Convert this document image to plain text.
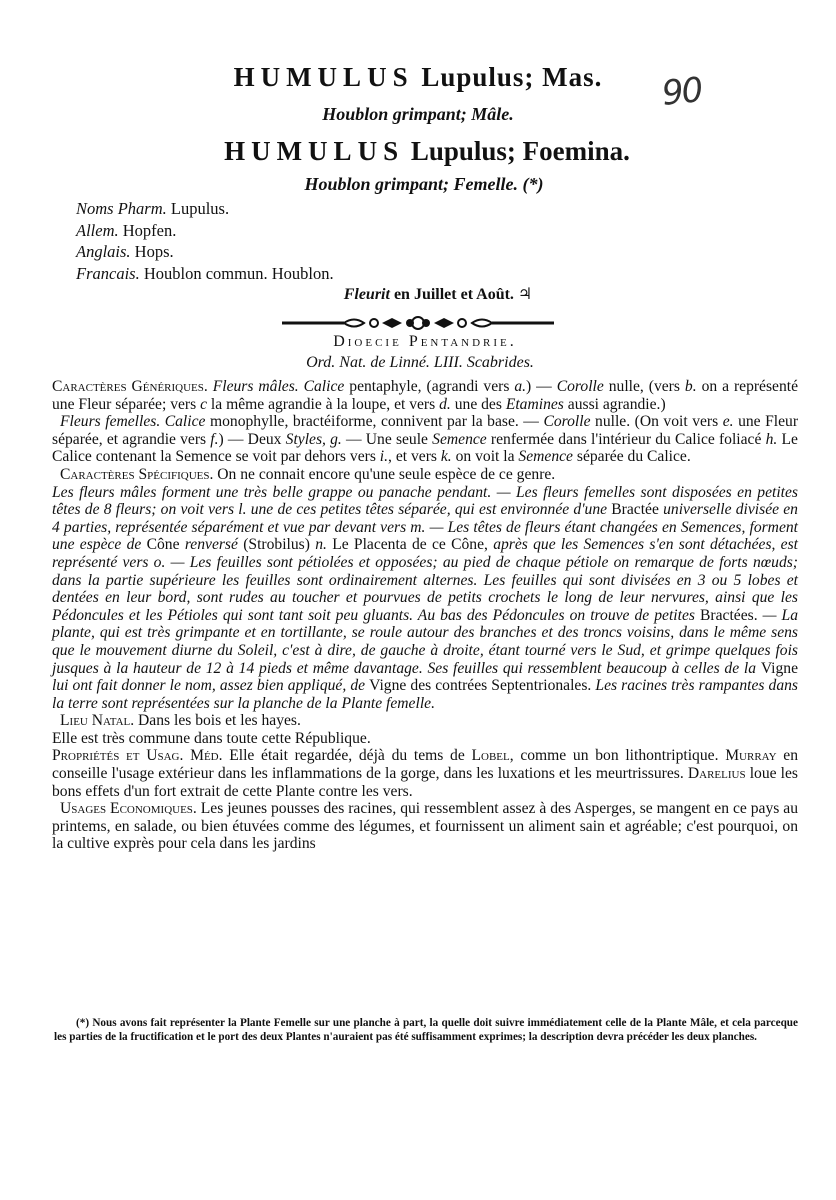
HUMULUS Lupulus; Mas.
Houblon grimpant; Mâle.
HUMULUS Lupulus; Foemina.
Houblon grimpant; Femelle. (*)
90
Noms Pharm. Lupulus.
Allem. Hopfen.
Anglais. Hops.
Francais. Houblon commun. Houblon.
Fleurit en Juillet et Août. ♃
Dioecie Pentandrie.
Ord. Nat. de Linné. LIII. Scabrides.

Caractères Génériques. Fleurs mâles. Calice pentaphyle, (agrandi vers a.) — Corolle nulle, (vers b. on a représenté une Fleur séparée; vers c la même agrandie à la loupe, et vers d. une des Etamines aussi agrandie.)

Fleurs femelles. Calice monophylle, bractéiforme, connivent par la base. — Corolle nulle. (On voit vers e. une Fleur séparée, et agrandie vers f.) — Deux Styles, g. — Une seule Semence renfermée dans l'intérieur du Calice foliacé h. Le Calice contenant la Semence se voit par dehors vers i., et vers k. on voit la Semence séparée du Calice.

Caractères Spécifiques. On ne connait encore qu'une seule espèce de ce genre.

Les fleurs mâles forment une très belle grappe ou panache pendant. — Les fleurs femelles sont disposées en petites têtes de 8 fleurs; on voit vers l. une de ces petites têtes séparée, qui est environnée d'une Bractée universelle divisée en 4 parties, représentée séparément et vue par devant vers m. — Les têtes de fleurs étant changées en Semences, forment une espèce de Cône renversé (Strobilus) n. Le Placenta de ce Cône, après que les Semences s'en sont détachées, est représenté vers o. — Les feuilles sont pétiolées et opposées; au pied de chaque pétiole on remarque de forts nœuds; dans la partie supérieure les feuilles sont ordinairement alternes. Les feuilles qui sont divisées en 3 ou 5 lobes et dentées en leur bord, sont rudes au toucher et pourvues de petits crochets le long de leur nervures, ainsi que les Pédoncules et les Pétioles qui sont tant soit peu gluants. Au bas des Pédoncules on trouve de petites Bractées. — La plante, qui est très grimpante et en tortillante, se roule autour des branches et des troncs voisins, dans le même sens que le mouvement diurne du Soleil, c'est à dire, de gauche à droite, étant tourné vers le Sud, et grimpe quelques fois jusques à la hauteur de 12 à 14 pieds et même davantage. Ses feuilles qui ressemblent beaucoup à celles de la Vigne lui ont fait donner le nom, assez bien appliqué, de Vigne des contrées Septentrionales. Les racines très rampantes dans la terre sont représentées sur la planche de la Plante femelle.

Lieu Natal. Dans les bois et les hayes.

Elle est très commune dans toute cette République.

Propriétés et Usag. Méd. Elle était regardée, déjà du tems de Lobel, comme un bon lithontriptique. Murray en conseille l'usage extérieur dans les inflammations de la gorge, dans les luxations et les meurtrissures. Darelius loue les bons effets d'un fort extrait de cette Plante contre les vers.

Usages Economiques. Les jeunes pousses des racines, qui ressemblent assez à des Asperges, se mangent en ce pays au printems, en salade, ou bien étuvées comme des légumes, et fournissent un aliment sain et agréable; c'est pourquoi, on la cultive exprès pour cela dans les jardins

(*) Nous avons fait représenter la Plante Femelle sur une planche à part, la quelle doit suivre immédiatement celle de la Plante Mâle, et cela parceque les parties de la fructification et le port des deux Plantes n'auraient pas été suffisamment exprimes; la description devra précéder les deux planches.
